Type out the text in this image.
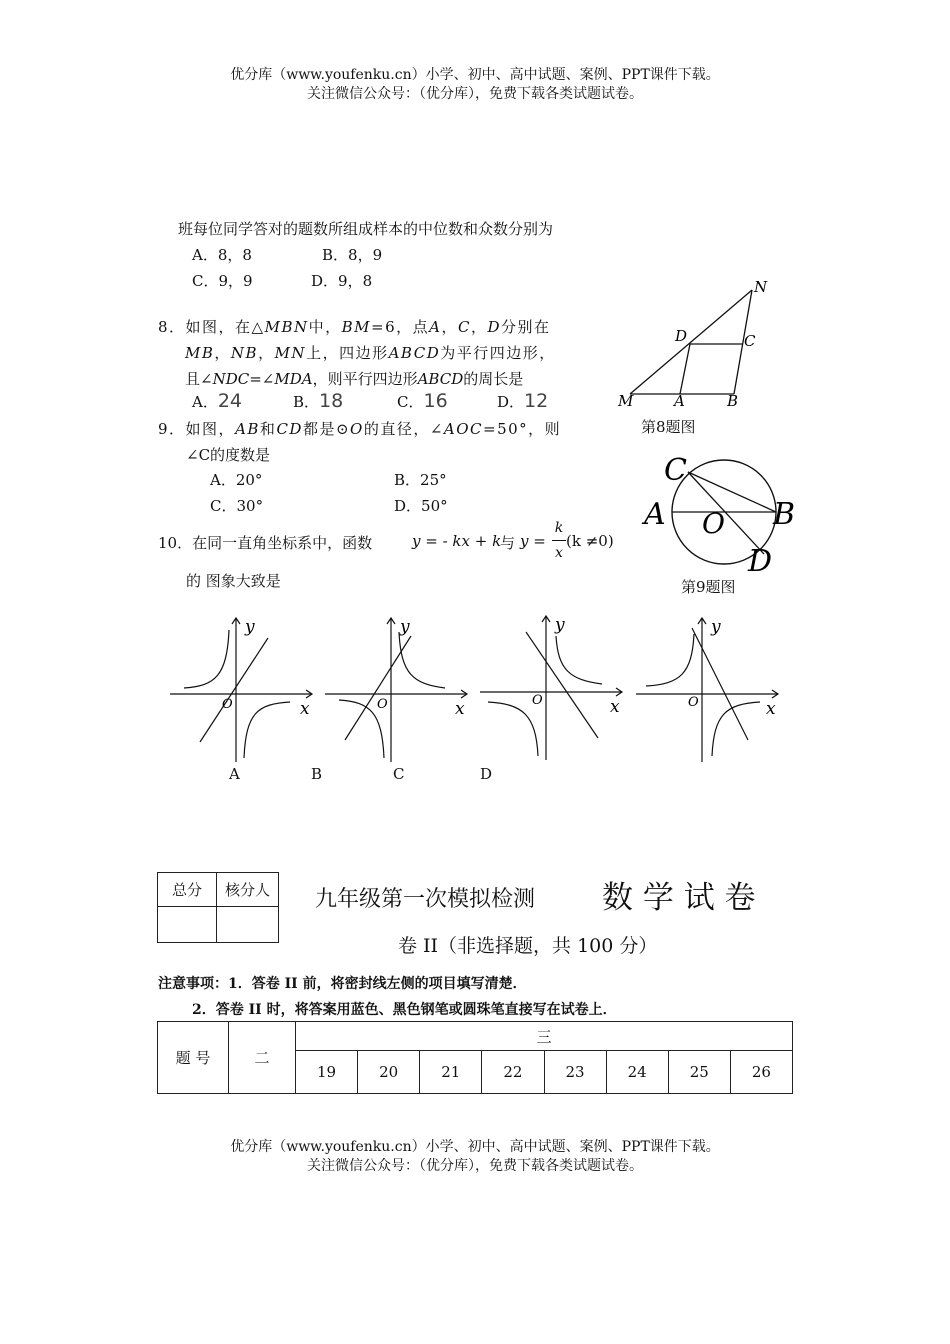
优分库（www.youfenku.cn）小学、初中、高中试题、案例、PPT课件下载。
关注微信公众号：（优分库），免费下载各类试题试卷。
班每位同学答对的题数所组成样本的中位数和众数分别为
A．8，8	B．8，9
C．9，9	D．9，8
8．如图，在△MBN中，BM=6，点A，C，D分别在
MB，NB，MN上，四边形ABCD为平行四边形，
且∠NDC=∠MDA，则平行四边形ABCD的周长是
A．24	B．18	C．16	D．12
N
D	C
M	A	B
第8题图
9．如图，AB和CD都是⊙O的直径，∠AOC=50°，则
∠C的度数是
A．20°	B．25°
C．30°	D．50°
C
A O B
D
第9题图
10．在同一直角坐标系中，函数	y = - kx + k
与 y =
k
x
(k ≠0)
的 图象大致是
y
x
O
y
x
O
y
x
O
y
x
O
A	B	C	D
总分	核分人
	九年级第一次模拟检测 数 学 试 卷
卷 II（非选择题，共 100 分）
注意事项：1．答卷 II 前，将密封线左侧的项目填写清楚．
2．答卷 II 时，将答案用蓝色、黑色钢笔或圆珠笔直接写在试卷上．
题 号	二	三							
		19	20	21	22	23	24	25	26
优分库（www.youfenku.cn）小学、初中、高中试题、案例、PPT课件下载。
关注微信公众号：（优分库），免费下载各类试题试卷。
